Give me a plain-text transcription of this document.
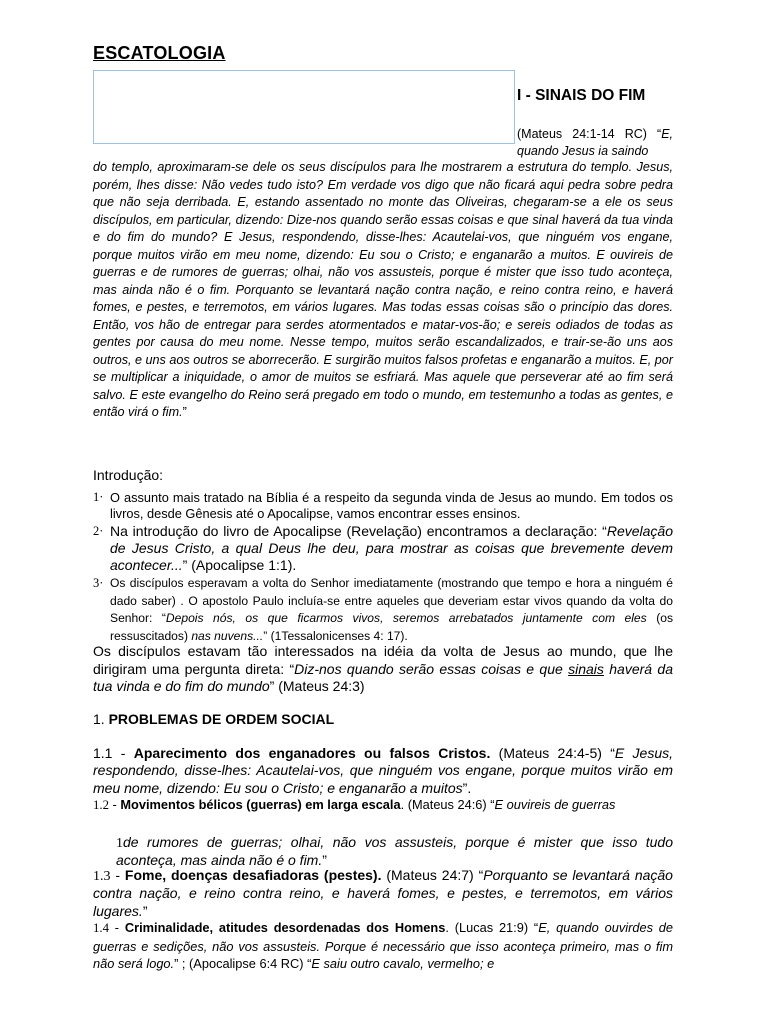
ESCATOLOGIA
I - SINAIS DO FIM

(Mateus 24:1-14 RC) “E, quando Jesus ia saindo

do templo, aproximaram-se dele os seus discípulos para lhe mostrarem a estrutura do templo. Jesus, porém, lhes disse: Não vedes tudo isto? Em verdade vos digo que não ficará aqui pedra sobre pedra que não seja derribada. E, estando assentado no monte das Oliveiras, chegaram-se a ele os seus discípulos, em particular, dizendo: Dize-nos quando serão essas coisas e que sinal haverá da tua vinda e do fim do mundo? E Jesus, respondendo, disse-lhes: Acautelai-vos, que ninguém vos engane, porque muitos virão em meu nome, dizendo: Eu sou o Cristo; e enganarão a muitos. E ouvireis de guerras e de rumores de guerras; olhai, não vos assusteis, porque é mister que isso tudo aconteça, mas ainda não é o fim. Porquanto se levantará nação contra nação, e reino contra reino, e haverá fomes, e pestes, e terremotos, em vários lugares. Mas todas essas coisas são o princípio das dores. Então, vos hão de entregar para serdes atormentados e matar-vos-ão; e sereis odiados de todas as gentes por causa do meu nome. Nesse tempo, muitos serão escandalizados, e trair-se-ão uns aos outros, e uns aos outros se aborrecerão. E surgirão muitos falsos profetas e enganarão a muitos. E, por se multiplicar a iniquidade, o amor de muitos se esfriará. Mas aquele que perseverar até ao fim será salvo. E este evangelho do Reino será pregado em todo o mundo, em testemunho a todas as gentes, e então virá o fim.”

Introdução:

1· O assunto mais tratado na Bíblia é a respeito da segunda vinda de Jesus ao mundo. Em todos os livros, desde Gênesis até o Apocalipse, vamos encontrar esses ensinos.

2· Na introdução do livro de Apocalipse (Revelação) encontramos a declaração: “Revelação de Jesus Cristo, a qual Deus lhe deu, para mostrar as coisas que brevemente devem acontecer...” (Apocalipse 1:1).

3· Os discípulos esperavam a volta do Senhor imediatamente (mostrando que tempo e hora a ninguém é dado saber) . O apostolo Paulo incluía-se entre aqueles que deveriam estar vivos quando da volta do Senhor: “Depois nós, os que ficarmos vivos, seremos arrebatados juntamente com eles (os ressuscitados) nas nuvens...” (1Tessalonicenses 4: 17).

Os discípulos estavam tão interessados na idéia da volta de Jesus ao mundo, que lhe dirigiram uma pergunta direta: “Diz-nos quando serão essas coisas e que sinais haverá da tua vinda e do fim do mundo” (Mateus 24:3)

1. PROBLEMAS DE ORDEM SOCIAL

1.1 - Aparecimento dos enganadores ou falsos Cristos. (Mateus 24:4-5) “E Jesus, respondendo, disse-lhes: Acautelai-vos, que ninguém vos engane, porque muitos virão em meu nome, dizendo: Eu sou o Cristo; e enganarão a muitos”.

1.2 - Movimentos bélicos (guerras) em larga escala. (Mateus 24:6) “E ouvireis de guerras

1de rumores de guerras; olhai, não vos assusteis, porque é mister que isso tudo aconteça, mas ainda não é o fim.”

1.3 - Fome, doenças desafiadoras (pestes). (Mateus 24:7) “Porquanto se levantará nação contra nação, e reino contra reino, e haverá fomes, e pestes, e terremotos, em vários lugares.”

1.4 - Criminalidade, atitudes desordenadas dos Homens. (Lucas 21:9) “E, quando ouvirdes de guerras e sedições, não vos assusteis. Porque é necessário que isso aconteça primeiro, mas o fim não será logo.” ; (Apocalipse 6:4 RC) “E saiu outro cavalo, vermelho; e
